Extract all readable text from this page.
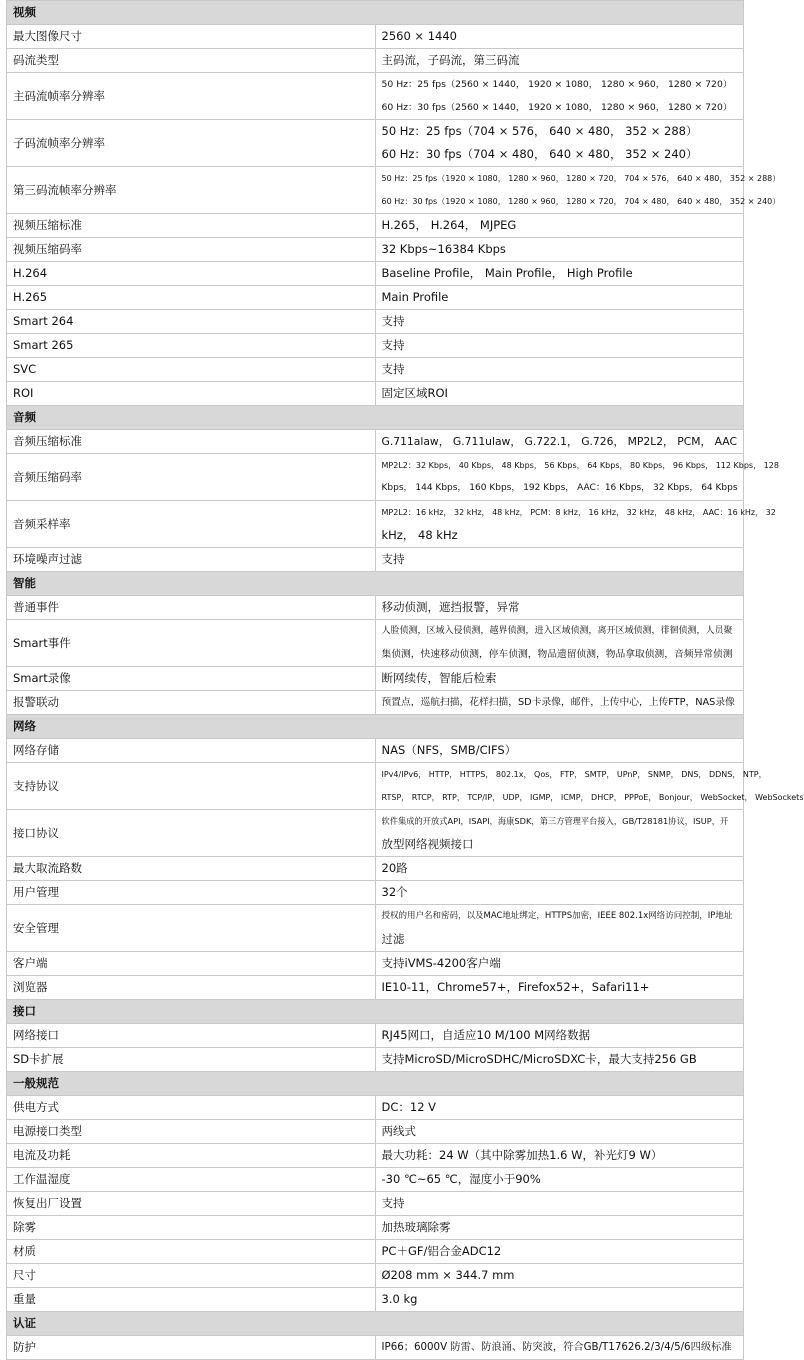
视频	
最大图像尺寸	2560 × 1440

码流类型	主码流，子码流，第三码流

主码流帧率分辨率	50 Hz：25 fps（2560 × 1440， 1920 × 1080， 1280 × 960， 1280 × 720）
60 Hz：30 fps（2560 × 1440， 1920 × 1080， 1280 × 960， 1280 × 720）

子码流帧率分辨率	50 Hz：25 fps（704 × 576， 640 × 480， 352 × 288）
60 Hz：30 fps（704 × 480， 640 × 480， 352 × 240）

第三码流帧率分辨率	50 Hz：25 fps（1920 × 1080， 1280 × 960， 1280 × 720， 704 × 576， 640 × 480， 352 × 288）
60 Hz：30 fps（1920 × 1080， 1280 × 960， 1280 × 720， 704 × 480， 640 × 480， 352 × 240）

视频压缩标准	H.265， H.264， MJPEG

视频压缩码率	32 Kbps~16384 Kbps

H.264	Baseline Profile， Main Profile， High Profile

H.265	Main Profile

Smart 264	支持

Smart 265	支持

SVC	支持

ROI	固定区域ROI

音频	
音频压缩标准	G.711alaw， G.711ulaw， G.722.1， G.726， MP2L2， PCM， AAC

音频压缩码率	MP2L2：32 Kbps， 40 Kbps， 48 Kbps， 56 Kbps， 64 Kbps， 80 Kbps， 96 Kbps， 112 Kbps， 128
Kbps， 144 Kbps， 160 Kbps， 192 Kbps， AAC：16 Kbps， 32 Kbps， 64 Kbps

音频采样率	MP2L2：16 kHz， 32 kHz， 48 kHz， PCM：8 kHz， 16 kHz， 32 kHz， 48 kHz， AAC：16 kHz， 32
kHz， 48 kHz

环境噪声过滤	支持

智能	
普通事件	移动侦测，遮挡报警，异常

Smart事件	人脸侦测，区域入侵侦测，越界侦测，进入区域侦测，离开区域侦测，徘徊侦测，人员聚
集侦测，快速移动侦测，停车侦测，物品遗留侦测，物品拿取侦测，音频异常侦测

Smart录像	断网续传，智能后检索

报警联动	预置点，巡航扫描，花样扫描，SD卡录像，邮件，上传中心，上传FTP，NAS录像

网络	
网络存储	NAS（NFS，SMB/CIFS）

支持协议	IPv4/IPv6， HTTP， HTTPS， 802.1x， Qos， FTP， SMTP， UPnP， SNMP， DNS， DDNS， NTP，
RTSP， RTCP， RTP， TCP/IP， UDP， IGMP， ICMP， DHCP， PPPoE， Bonjour， WebSocket， WebSockets

接口协议	软件集成的开放式API，ISAPI，海康SDK，第三方管理平台接入，GB/T28181协议，ISUP，开
放型网络视频接口

最大取流路数	20路

用户管理	32个

安全管理	授权的用户名和密码，以及MAC地址绑定，HTTPS加密，IEEE 802.1x网络访问控制，IP地址
过滤

客户端	支持iVMS-4200客户端

浏览器	IE10-11，Chrome57+，Firefox52+，Safari11+

接口	
网络接口	RJ45网口，自适应10 M/100 M网络数据

SD卡扩展	支持MicroSD/MicroSDHC/MicroSDXC卡，最大支持256 GB

一般规范	
供电方式	DC：12 V

电源接口类型	两线式

电流及功耗	最大功耗：24 W（其中除雾加热1.6 W，补光灯9 W）

工作温湿度	-30 ℃~65 ℃，湿度小于90%

恢复出厂设置	支持

除雾	加热玻璃除雾

材质	PC＋GF/铝合金ADC12

尺寸	Ø208 mm × 344.7 mm

重量	3.0 kg

认证	
防护	IP66；6000V 防雷、防浪涌、防突波，符合GB/T17626.2/3/4/5/6四级标准
